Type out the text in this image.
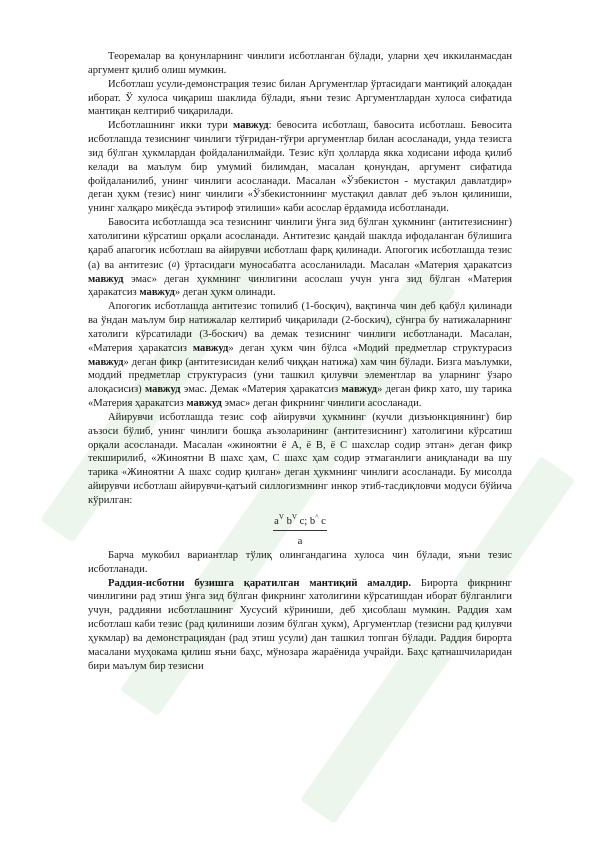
Теоремалар ва қонунларнинг чинлиги исботланган бўлади, уларни ҳеч иккиланмасдан аргумент қилиб олиш мумкин.

Исботлаш усули-демонстрация тезис билан Аргументлар ўртасидаги мантиқий алоқадан иборат. Ў хулоса чиқариш шаклида бўлади, яъни тезис Аргументлардан хулоса сифатида мантиқан келтириб чиқарилади.

Исботлашнинг икки тури мавжуд: бевосита исботлаш, бавосита исботлаш. Бевосита исботлашда тезиснинг чинлиги тўғридан-тўғри аргументлар билан асосланади, унда тезисга зид бўлган ҳукмлардан фойдаланилмайди. Тезис кўп ҳолларда якка ходисани ифода қилиб келади ва маълум бир умумий билимдан, масалан қонундан, аргумент сифатида фойдаланилиб, унинг чинлиги асосланади. Масалан «Ўзбекистон - мустақил давлатдир» деган ҳукм (тезис) нинг чинлиги «Ўзбекистоннинг мустақил давлат деб эълон қилиниши, унинг халқаро миқёсда эътироф этилиши» каби асослар ёрдамида исботланади.

Бавосита исботлашда эса тезиснинг чинлиги ўнга зид бўлган ҳукмнинг (антитезиснинг) хатолигини кўрсатиш орқали асосланади. Антитезис қандай шаклда ифодаланган бўлишига қараб апагогик исботлаш ва айирувчи исботлаш фарқ қилинади. Апогогик исботлашда тезис (а) ва антитезис (a) ўртасидаги муносабатга асосланилади. Масалан «Материя ҳаракатсиз мавжуд эмас» деган ҳукмнинг чинлигини асослаш учун унга зид бўлган «Материя ҳаракатсиз мавжуд» деган ҳукм олинади.

Апогогик исботлашда антитезис топилиб (1-босқич), вақтинча чин деб қабўл қилинади ва ўндан маълум бир натижалар келтириб чиқарилади (2-боскич), сўнгра бу натижаларнинг хатолиги кўрсатилади (3-боскич) ва демак тезиснинг чинлиги исботланади. Масалан, «Материя ҳаракатсиз мавжуд» деган ҳукм чин бўлса «Модий предметлар структурасиз мавжуд» деган фикр (антитезисидан келиб чиққан натижа) хам чин бўлади. Бизга маълумки, моддий предметлар структурасиз (уни ташкил қилувчи элементлар ва уларнинг ўзаро алоқасисиз) мавжуд эмас. Демак «Материя ҳаракатсиз мавжуд» деган фикр хато, шу тарика «Материя ҳаракатсиз мавжуд эмас» деган фикрнинг чинлиги асосланади.

Айирувчи исботлашда тезис соф айирувчи ҳукмнинг (кучли дизъюнкциянинг) бир аъзоси бўлиб, унинг чинлиги бошқа аъзоларининг (антитезиснинг) хатолигини кўрсатиш орқали асосланади. Масалан «жиноятни ё А, ё В, ё С шахслар содир этган» деган фикр текширилиб, «Жиноятни В шахс ҳам, С шахс ҳам содир этмаганлиги аниқланади ва шу тарика «Жиноятни А шахс содир қилган» деган ҳукмнинг чинлиги асосланади. Бу мисолда айирувчи исботлаш айирувчи-қатъий силлогизмнинг инкор этиб-тасдиқловчи модуси бўйича кўрилган:

$a^V$ $b^V$ c; b^ c
a

Барча мукобил вариантлар тўлиқ олингандагина хулоса чин бўлади, яъни тезис исботланади.

Раддия-исботни бузишга қаратилган мантиқий амалдир. Бирорта фикрнинг чинлигини рад этиш ўнга зид бўлган фикрнинг хатолигини кўрсатишдан иборат бўлганлиги учун, раддияни исботлашнинг Хусусий кўриниши, деб ҳисоблаш мумкин. Раддия хам исботлаш каби тезис (рад қилиниши лозим бўлган ҳукм), Аргументлар (тезисни рад қилувчи ҳукмлар) ва демонстрациядан (рад этиш усули) дан ташкил топган бўлади. Раддия бирорта масалани муҳокама қилиш яъни баҳс, мўнозара жараёнида учрайди. Баҳс қатнашчиларидан бири маълум бир тезисни
